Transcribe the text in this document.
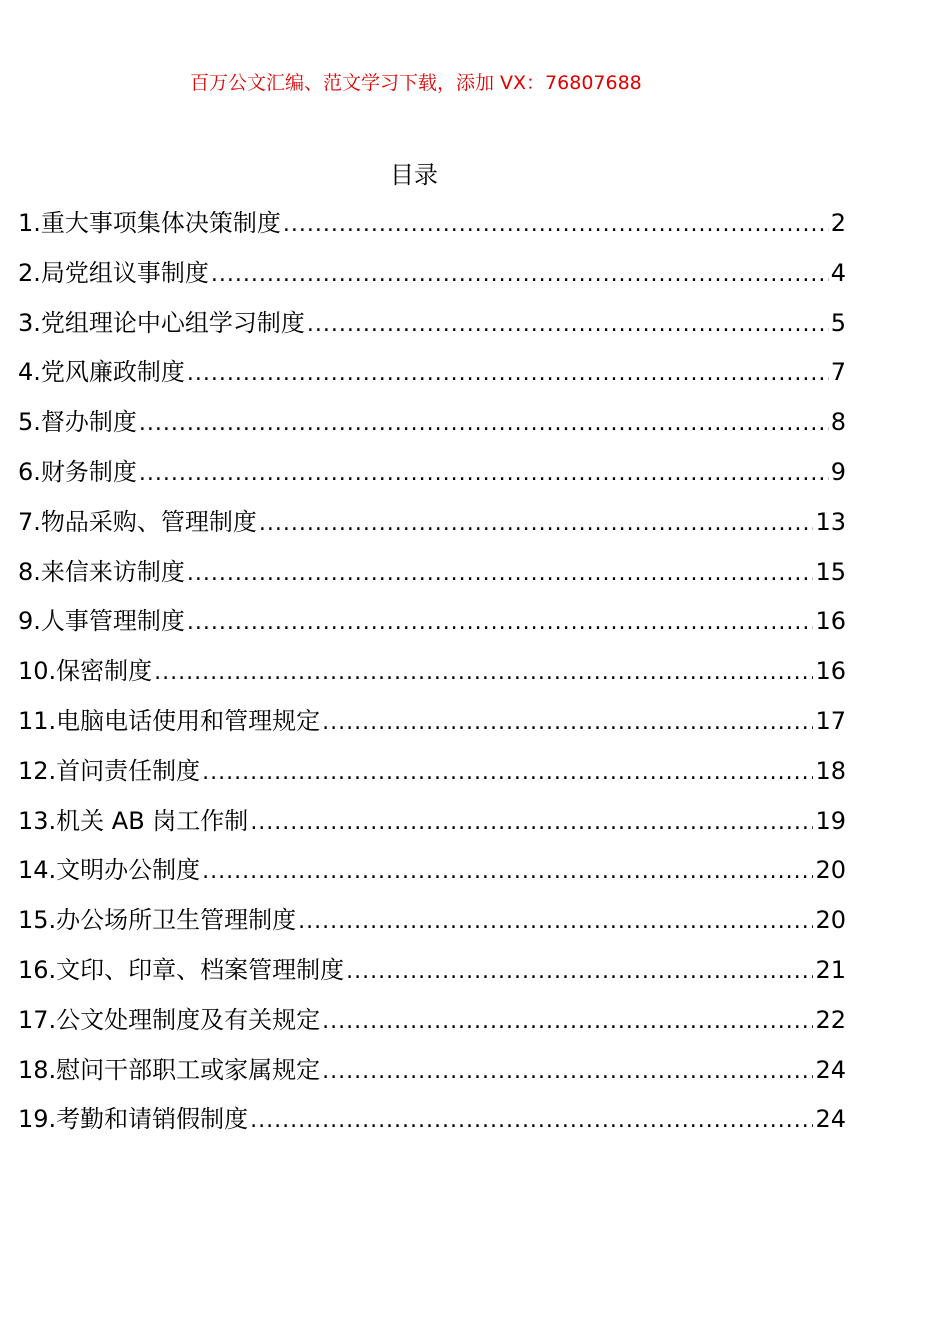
百万公文汇编、范文学习下载，添加 VX：76807688
目录
1.重大事项集体决策制度 .....	2
2.局党组议事制度 .....	4
3.党组理论中心组学习制度 .....	5
4.党风廉政制度 .....	7
5.督办制度 .....	8
6.财务制度 .....	9
7.物品采购、管理制度 .....	13
8.来信来访制度 .....	15
9.人事管理制度 .....	16
10.保密制度 .....	16
11.电脑电话使用和管理规定 .....	17
12.首问责任制度 .....	18
13.机关 AB 岗工作制 .....	19
14.文明办公制度 .....	20
15.办公场所卫生管理制度 .....	20
16.文印、印章、档案管理制度 .....	21
17.公文处理制度及有关规定 .....	22
18.慰问干部职工或家属规定 .....	24
19.考勤和请销假制度 .....	24
